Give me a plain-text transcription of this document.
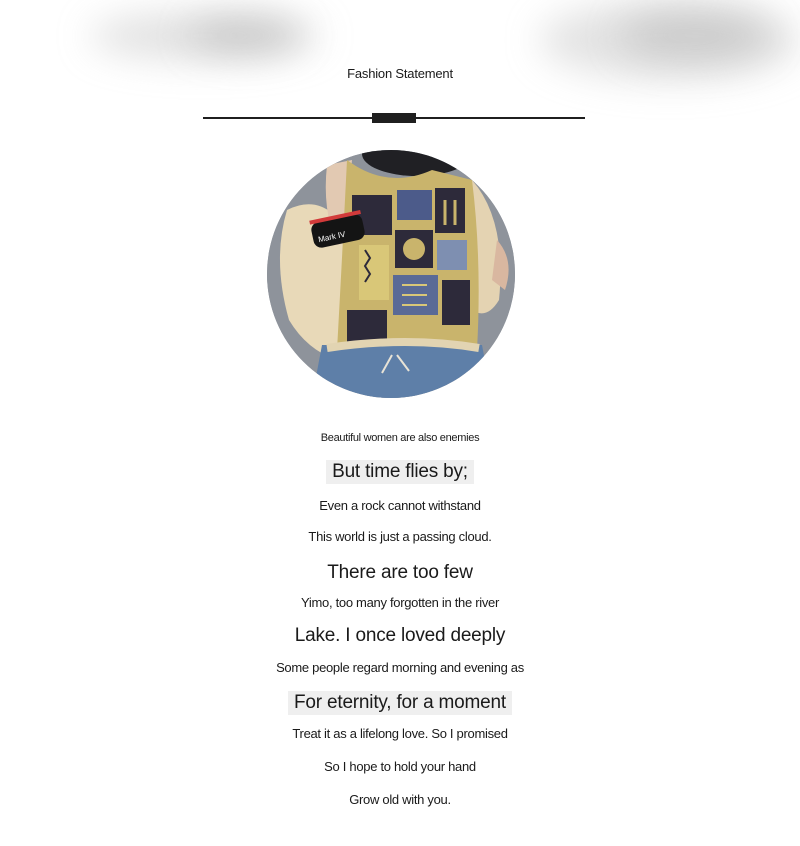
Fashion Statement
Mark IV
Beautiful women are also enemies
But time flies by;
Even a rock cannot withstand
This world is just a passing cloud.
There are too few
Yimo, too many forgotten in the river
Lake. I once loved deeply
Some people regard morning and evening as
For eternity, for a moment
Treat it as a lifelong love. So I promised
So I hope to hold your hand
Grow old with you.
